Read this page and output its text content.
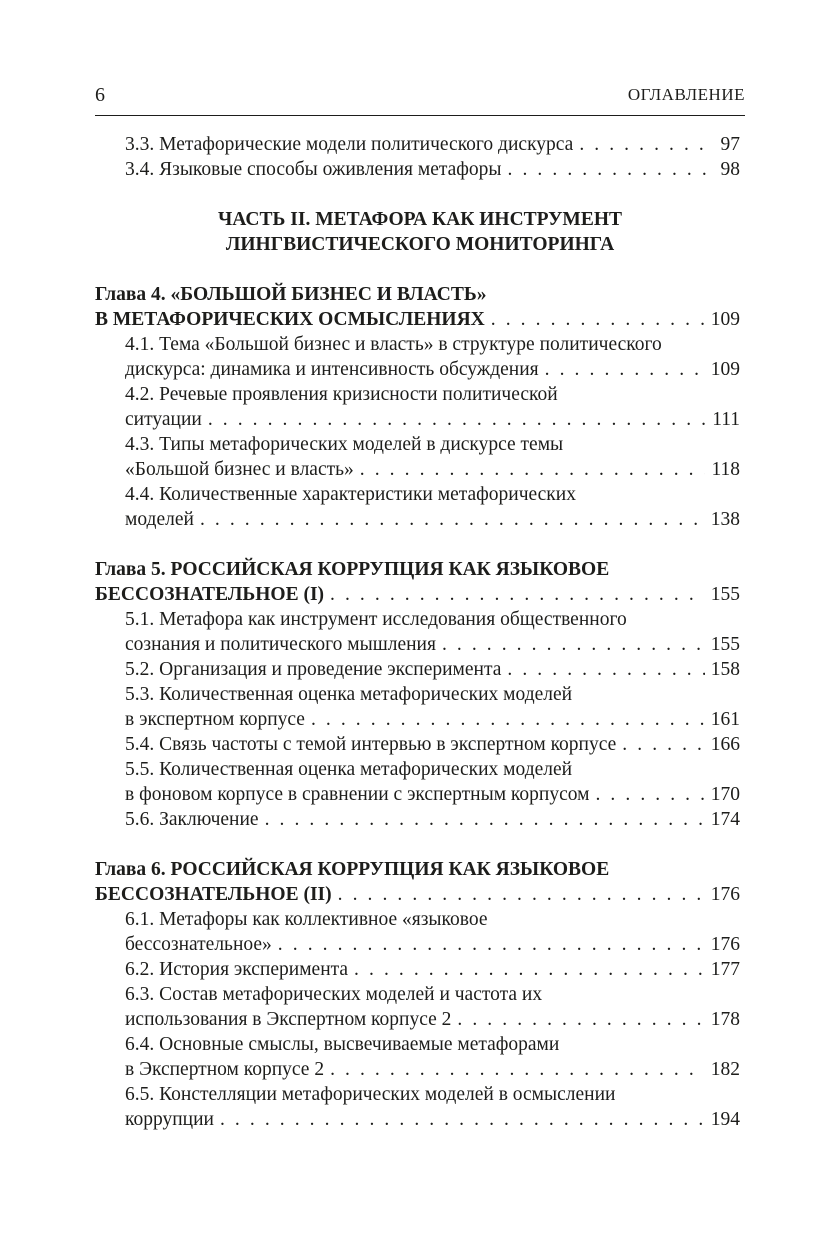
6	ОГЛАВЛЕНИЕ
3.3. Метафорические модели политического дискурса . . .	97
3.4. Языковые способы оживления метафоры . . .	98
ЧАСТЬ II. МЕТАФОРА КАК ИНСТРУМЕНТ
ЛИНГВИСТИЧЕСКОГО МОНИТОРИНГА
Глава 4. «БОЛЬШОЙ БИЗНЕС И ВЛАСТЬ»
В МЕТАФОРИЧЕСКИХ ОСМЫСЛЕНИЯХ . . .	109
4.1. Тема «Большой бизнес и власть» в структуре политического
дискурса: динамика и интенсивность обсуждения . . .	109
4.2. Речевые проявления кризисности политической
ситуации . . .	111
4.3. Типы метафорических моделей в дискурсе темы
«Большой бизнес и власть» . . .	118
4.4. Количественные характеристики метафорических
моделей . . .	138
Глава 5. РОССИЙСКАЯ КОРРУПЦИЯ КАК ЯЗЫКОВОЕ
БЕССОЗНАТЕЛЬНОЕ (I) . . .	155
5.1. Метафора как инструмент исследования общественного
сознания и политического мышления . . .	155
5.2. Организация и проведение эксперимента . . .	158
5.3. Количественная оценка метафорических моделей
в экспертном корпусе . . .	161
5.4. Связь частоты с темой интервью в экспертном корпусе . . .	166
5.5. Количественная оценка метафорических моделей
в фоновом корпусе в сравнении с экспертным корпусом . . .	170
5.6. Заключение . . .	174
Глава 6. РОССИЙСКАЯ КОРРУПЦИЯ КАК ЯЗЫКОВОЕ
БЕССОЗНАТЕЛЬНОЕ (II) . . .	176
6.1. Метафоры как коллективное «языковое
бессознательное» . . .	176
6.2. История эксперимента . . .	177
6.3. Состав метафорических моделей и частота их
использования в Экспертном корпусе 2 . . .	178
6.4. Основные смыслы, высвечиваемые метафорами
в Экспертном корпусе 2 . . .	182
6.5. Констелляции метафорических моделей в осмыслении
коррупции . . .	194
